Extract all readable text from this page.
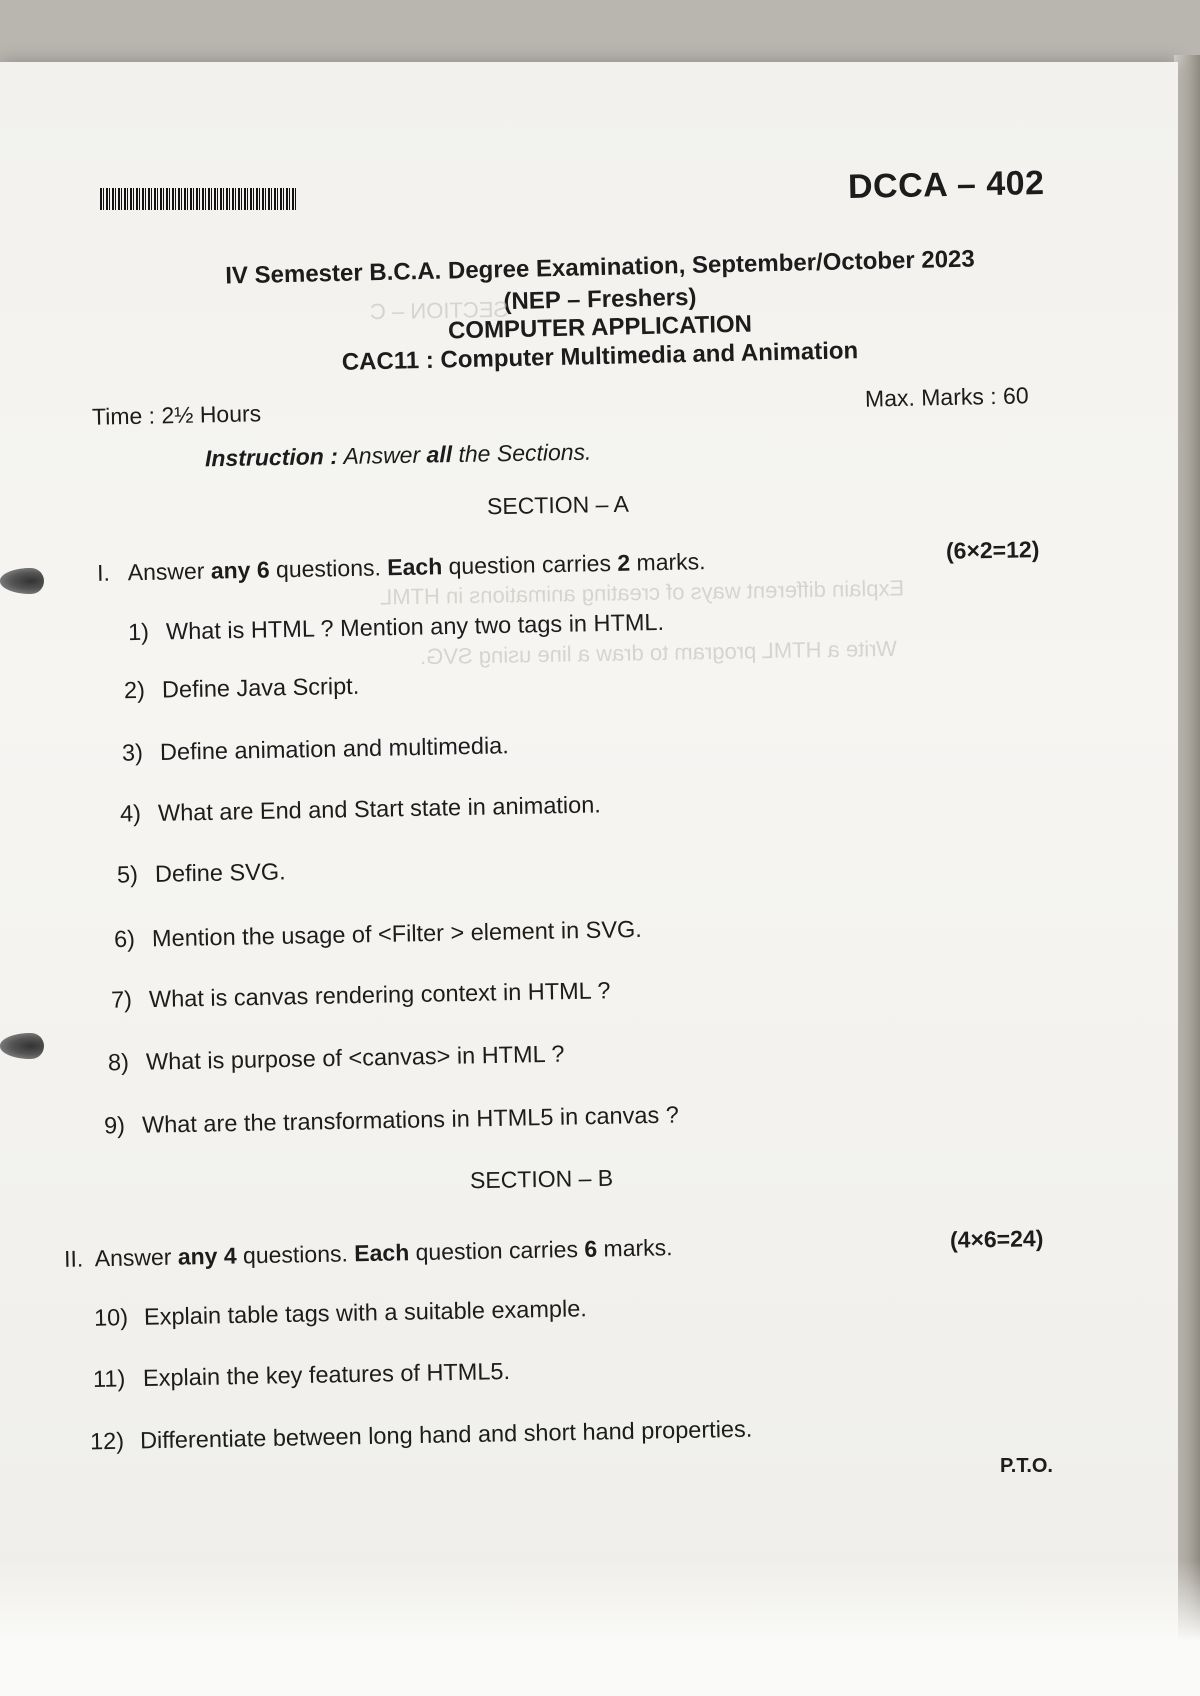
DCCA – 402
IV Semester B.C.A. Degree Examination, September/October 2023
(NEP – Freshers)
COMPUTER APPLICATION
CAC11 : Computer Multimedia and Animation
Time : 2½ Hours
Max. Marks : 60
Instruction : Answer all the Sections.
SECTION – C
Explain different ways of creating animations in HTML
Write a HTML program to draw a line using SVG.
SECTION – A
I. Answer any 6 questions. Each question carries 2 marks.	(6×2=12)
1) What is HTML ? Mention any two tags in HTML.
2) Define Java Script.
3) Define animation and multimedia.
4) What are End and Start state in animation.
5) Define SVG.
6) Mention the usage of <Filter > element in SVG.
7) What is canvas rendering context in HTML ?
8) What is purpose of <canvas> in HTML ?
9) What are the transformations in HTML5 in canvas ?
SECTION – B
II. Answer any 4 questions. Each question carries 6 marks.	(4×6=24)
10) Explain table tags with a suitable example.
11) Explain the key features of HTML5.
12) Differentiate between long hand and short hand properties.
P.T.O.
